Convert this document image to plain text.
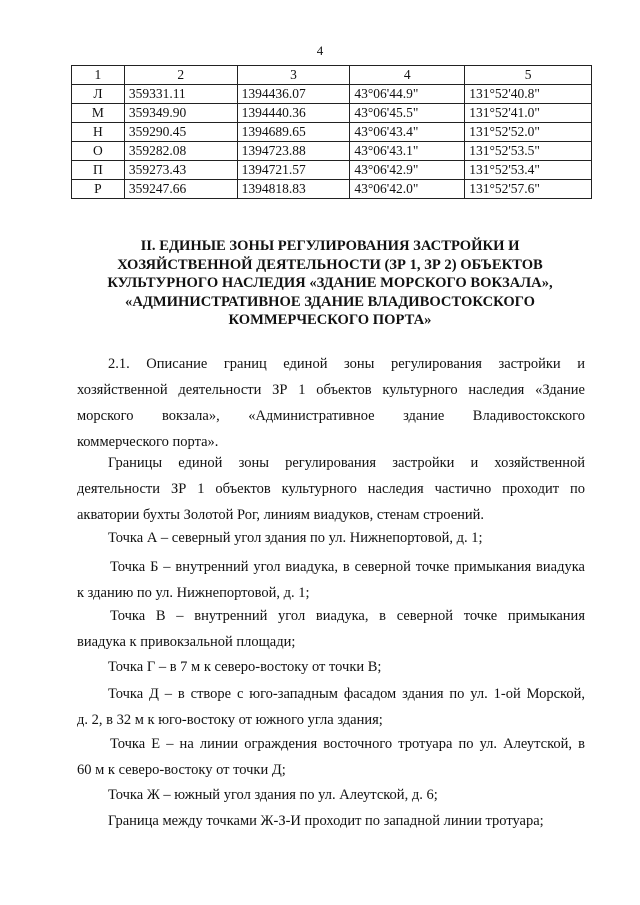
4
1	2	3	4	5
Л	359331.11	1394436.07	43°06'44.9"	131°52'40.8"
М	359349.90	1394440.36	43°06'45.5"	131°52'41.0"
Н	359290.45	1394689.65	43°06'43.4"	131°52'52.0"
О	359282.08	1394723.88	43°06'43.1"	131°52'53.5"
П	359273.43	1394721.57	43°06'42.9"	131°52'53.4"
Р	359247.66	1394818.83	43°06'42.0"	131°52'57.6"
II. ЕДИНЫЕ ЗОНЫ РЕГУЛИРОВАНИЯ ЗАСТРОЙКИ И
ХОЗЯЙСТВЕННОЙ ДЕЯТЕЛЬНОСТИ (ЗР 1, ЗР 2) ОБЪЕКТОВ
КУЛЬТУРНОГО НАСЛЕДИЯ «ЗДАНИЕ МОРСКОГО ВОКЗАЛА»,
«АДМИНИСТРАТИВНОЕ ЗДАНИЕ ВЛАДИВОСТОКСКОГО
КОММЕРЧЕСКОГО ПОРТА»
2.1. Описание границ единой зоны регулирования застройки и
хозяйственной деятельности ЗР 1 объектов культурного наследия «Здание
морского вокзала», «Административное здание Владивостокского
коммерческого порта».
Границы единой зоны регулирования застройки и хозяйственной
деятельности ЗР 1 объектов культурного наследия частично проходит по
акватории бухты Золотой Рог, линиям виадуков, стенам строений.
Точка А – северный угол здания по ул. Нижнепортовой, д. 1;
Точка Б – внутренний угол виадука, в северной точке примыкания виадука
к зданию по ул. Нижнепортовой, д. 1;
Точка В – внутренний угол виадука, в северной точке примыкания
виадука к привокзальной площади;
Точка Г – в 7 м к северо-востоку от точки В;
Точка Д – в створе с юго-западным фасадом здания по ул. 1-ой Морской,
д. 2, в 32 м к юго-востоку от южного угла здания;
Точка Е – на линии ограждения восточного тротуара по ул. Алеутской, в
60 м к северо-востоку от точки Д;
Точка Ж – южный угол здания по ул. Алеутской, д. 6;
Граница между точками Ж-З-И проходит по западной линии тротуара;
